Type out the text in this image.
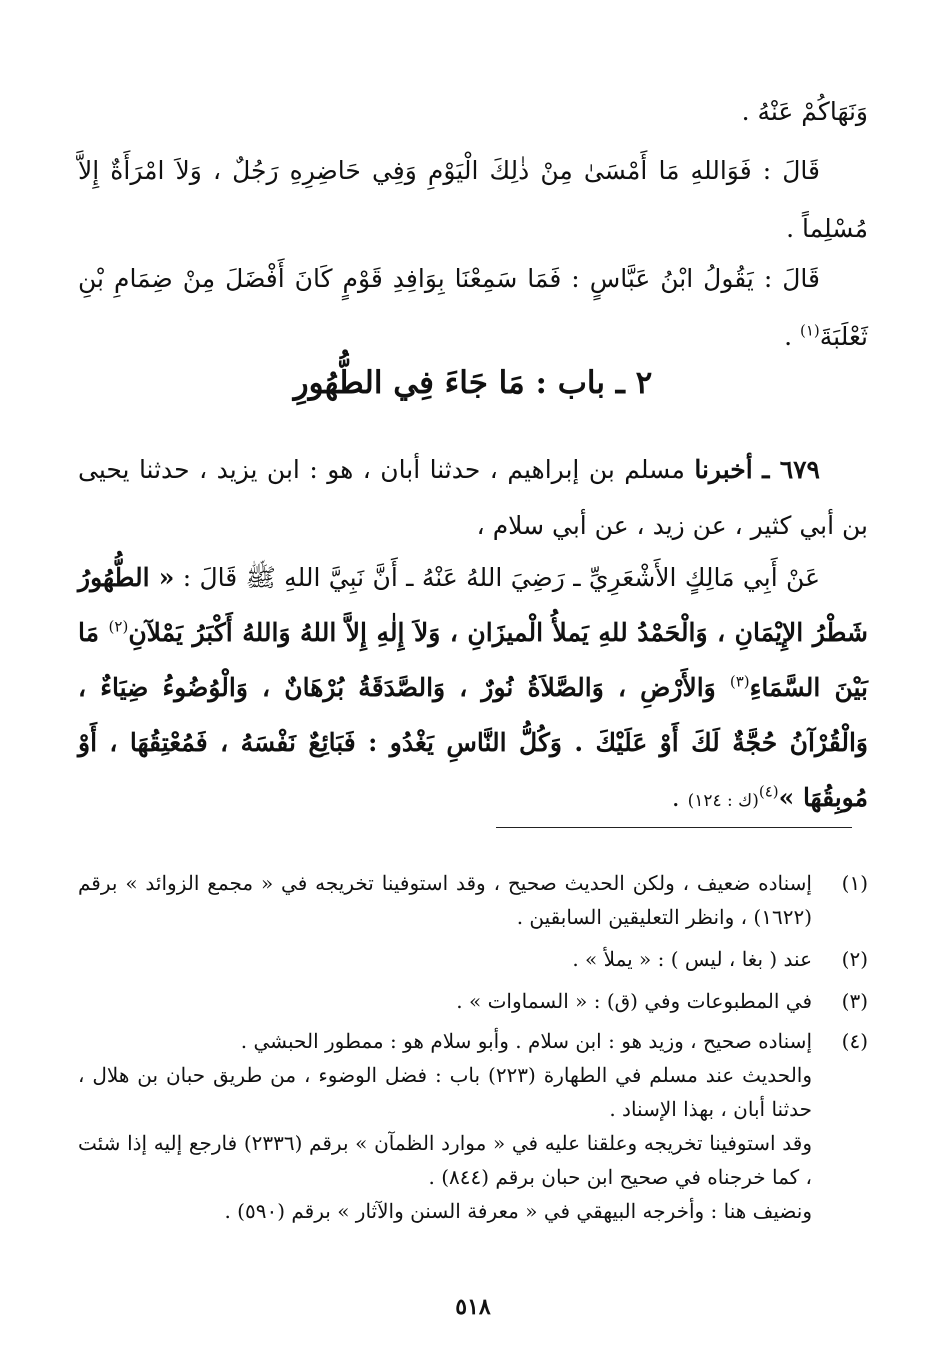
وَنَهَاكُمْ عَنْهُ .
قَالَ : فَوَاللهِ مَا أَمْسَىٰ مِنْ ذٰلِكَ الْيَوْمِ وَفِي حَاضِرِهِ رَجُلٌ ، وَلاَ امْرَأَةٌ إِلاَّ مُسْلِماً .
قَالَ : يَقُولُ ابْنُ عَبَّاسٍ : فَمَا سَمِعْنَا بِوَافِدِ قَوْمٍ كَانَ أَفْضَلَ مِنْ ضِمَامِ بْنِ ثَعْلَبَةَ$^{(١)}$ .
٢ ـ باب : مَا جَاءَ فِي الطُّهُورِ
٦٧٩ ـ أخبرنا مسلم بن إبراهيم ، حدثنا أبان ، هو : ابن يزيد ، حدثنا يحيى بن أبي كثير ، عن زيد ، عن أبي سلام ،
عَنْ أَبِي مَالِكٍ الأَشْعَرِيِّ ـ رَضِيَ اللهُ عَنْهُ ـ أَنَّ نَبِيَّ اللهِ ﷺ قَالَ : « الطُّهُورُ شَطْرُ الإِيْمَانِ ، وَالْحَمْدُ للهِ يَملأُ الْميزَانِ ، وَلاَ إِلٰهِ إِلاَّ اللهُ وَاللهُ أَكْبَرُ يَمْلآنِ$^{(٢)}$ مَا بَيْنَ السَّمَاءِ$^{(٣)}$ وَالأَرْضِ ، وَالصَّلاَةُ نُورٌ ، وَالصَّدَقَةُ بُرْهَانٌ ، وَالْوُضُوءُ ضِيَاءٌ ، وَالْقُرْآنُ حُجَّةٌ لَكَ أَوْ عَلَيْكَ . وَكُلُّ النَّاسِ يَغْدُو : فَبَائِعٌ نَفْسَهُ ، فَمُعْتِقُهَا ، أَوْ مُوبِقُهَا »$^{(٤)}$(ك : ١٢٤) .
(١)

إسناده ضعيف ، ولكن الحديث صحيح ، وقد استوفينا تخريجه في « مجمع الزوائد » برقم (١٦٢٢) ، وانظر التعليقين السابقين .

(٢)

عند ( بغا ، ليس ) : « يملأ » .

(٣)

في المطبوعات وفي (ق) : « السماوات » .

(٤)

إسناده صحيح ، وزيد هو : ابن سلام . وأبو سلام هو : ممطور الحبشي .

والحديث عند مسلم في الطهارة (٢٢٣) باب : فضل الوضوء ، من طريق حبان بن هلال ، حدثنا أبان ، بهذا الإسناد .

وقد استوفينا تخريجه وعلقنا عليه في « موارد الظمآن » برقم (٢٣٣٦) فارجع إليه إذا شئت ، كما خرجناه في صحيح ابن حبان برقم (٨٤٤) .

ونضيف هنا : وأخرجه البيهقي في « معرفة السنن والآثار » برقم (٥٩٠) .

٥١٨
